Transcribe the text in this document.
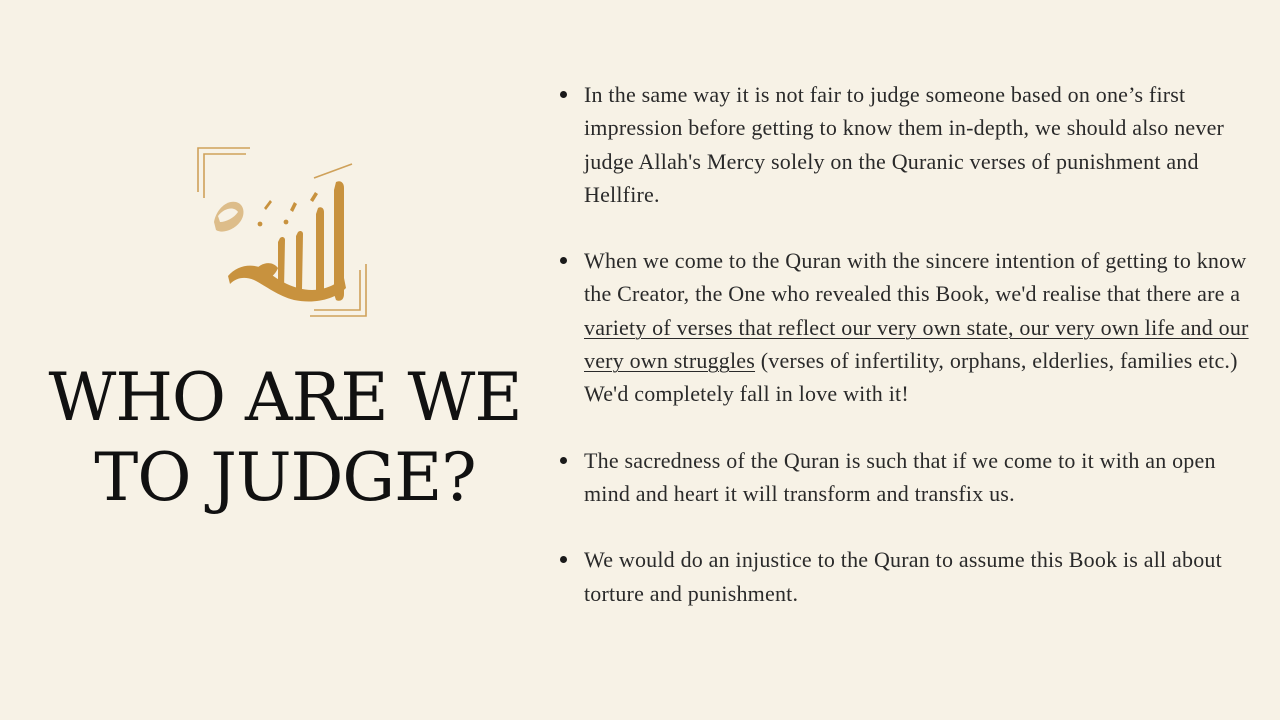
WHO ARE WE
TO JUDGE?
In the same way it is not fair to judge someone based on one’s first impression before getting to know them in-depth, we should also never judge Allah's Mercy solely on the Quranic verses of punishment and Hellfire.
When we come to the Quran with the sincere intention of getting to know the Creator, the One who revealed this Book, we'd realise that there are a variety of verses that reflect our very own state, our very own life and our very own struggles (verses of infertility, orphans, elderlies, families etc.) We'd completely fall in love with it!
The sacredness of the Quran is such that if we come to it with an open mind and heart it will transform and transfix us.
We would do an injustice to the Quran to assume this Book is all about torture and punishment.
